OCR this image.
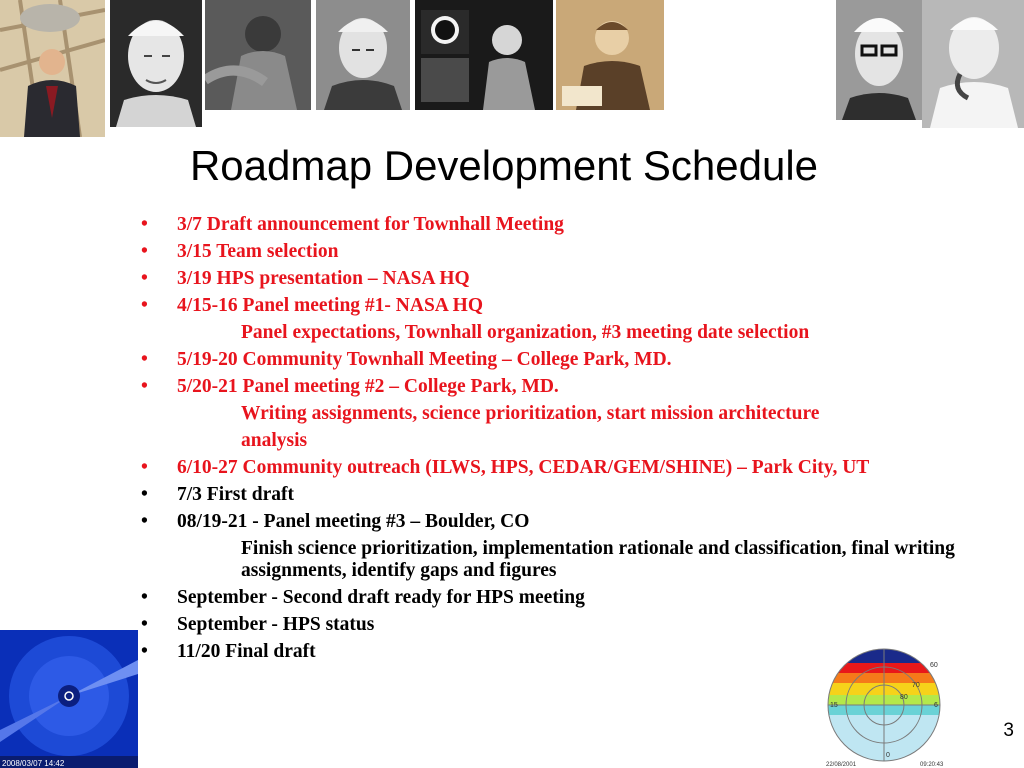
Roadmap Development Schedule
• 3/7 Draft announcement for Townhall Meeting
• 3/15 Team selection
• 3/19 HPS presentation – NASA HQ
• 4/15-16 Panel meeting #1- NASA HQ
Panel expectations, Townhall organization, #3 meeting date selection
• 5/19-20 Community Townhall Meeting – College Park, MD.
• 5/20-21 Panel meeting #2 – College Park, MD.
Writing assignments, science prioritization, start mission architecture
analysis
• 6/10-27 Community outreach (ILWS, HPS, CEDAR/GEM/SHINE) – Park City, UT
• 7/3 First draft
• 08/19-21 - Panel meeting #3 – Boulder, CO
Finish science prioritization, implementation rationale and classification, final writing assignments, identify gaps and figures
• September - Second draft ready for HPS meeting
• September - HPS status
• 11/20 Final draft
2008/03/07 14:42
60
70
80
15	6
0
22/08/2001	09:20:43
3
